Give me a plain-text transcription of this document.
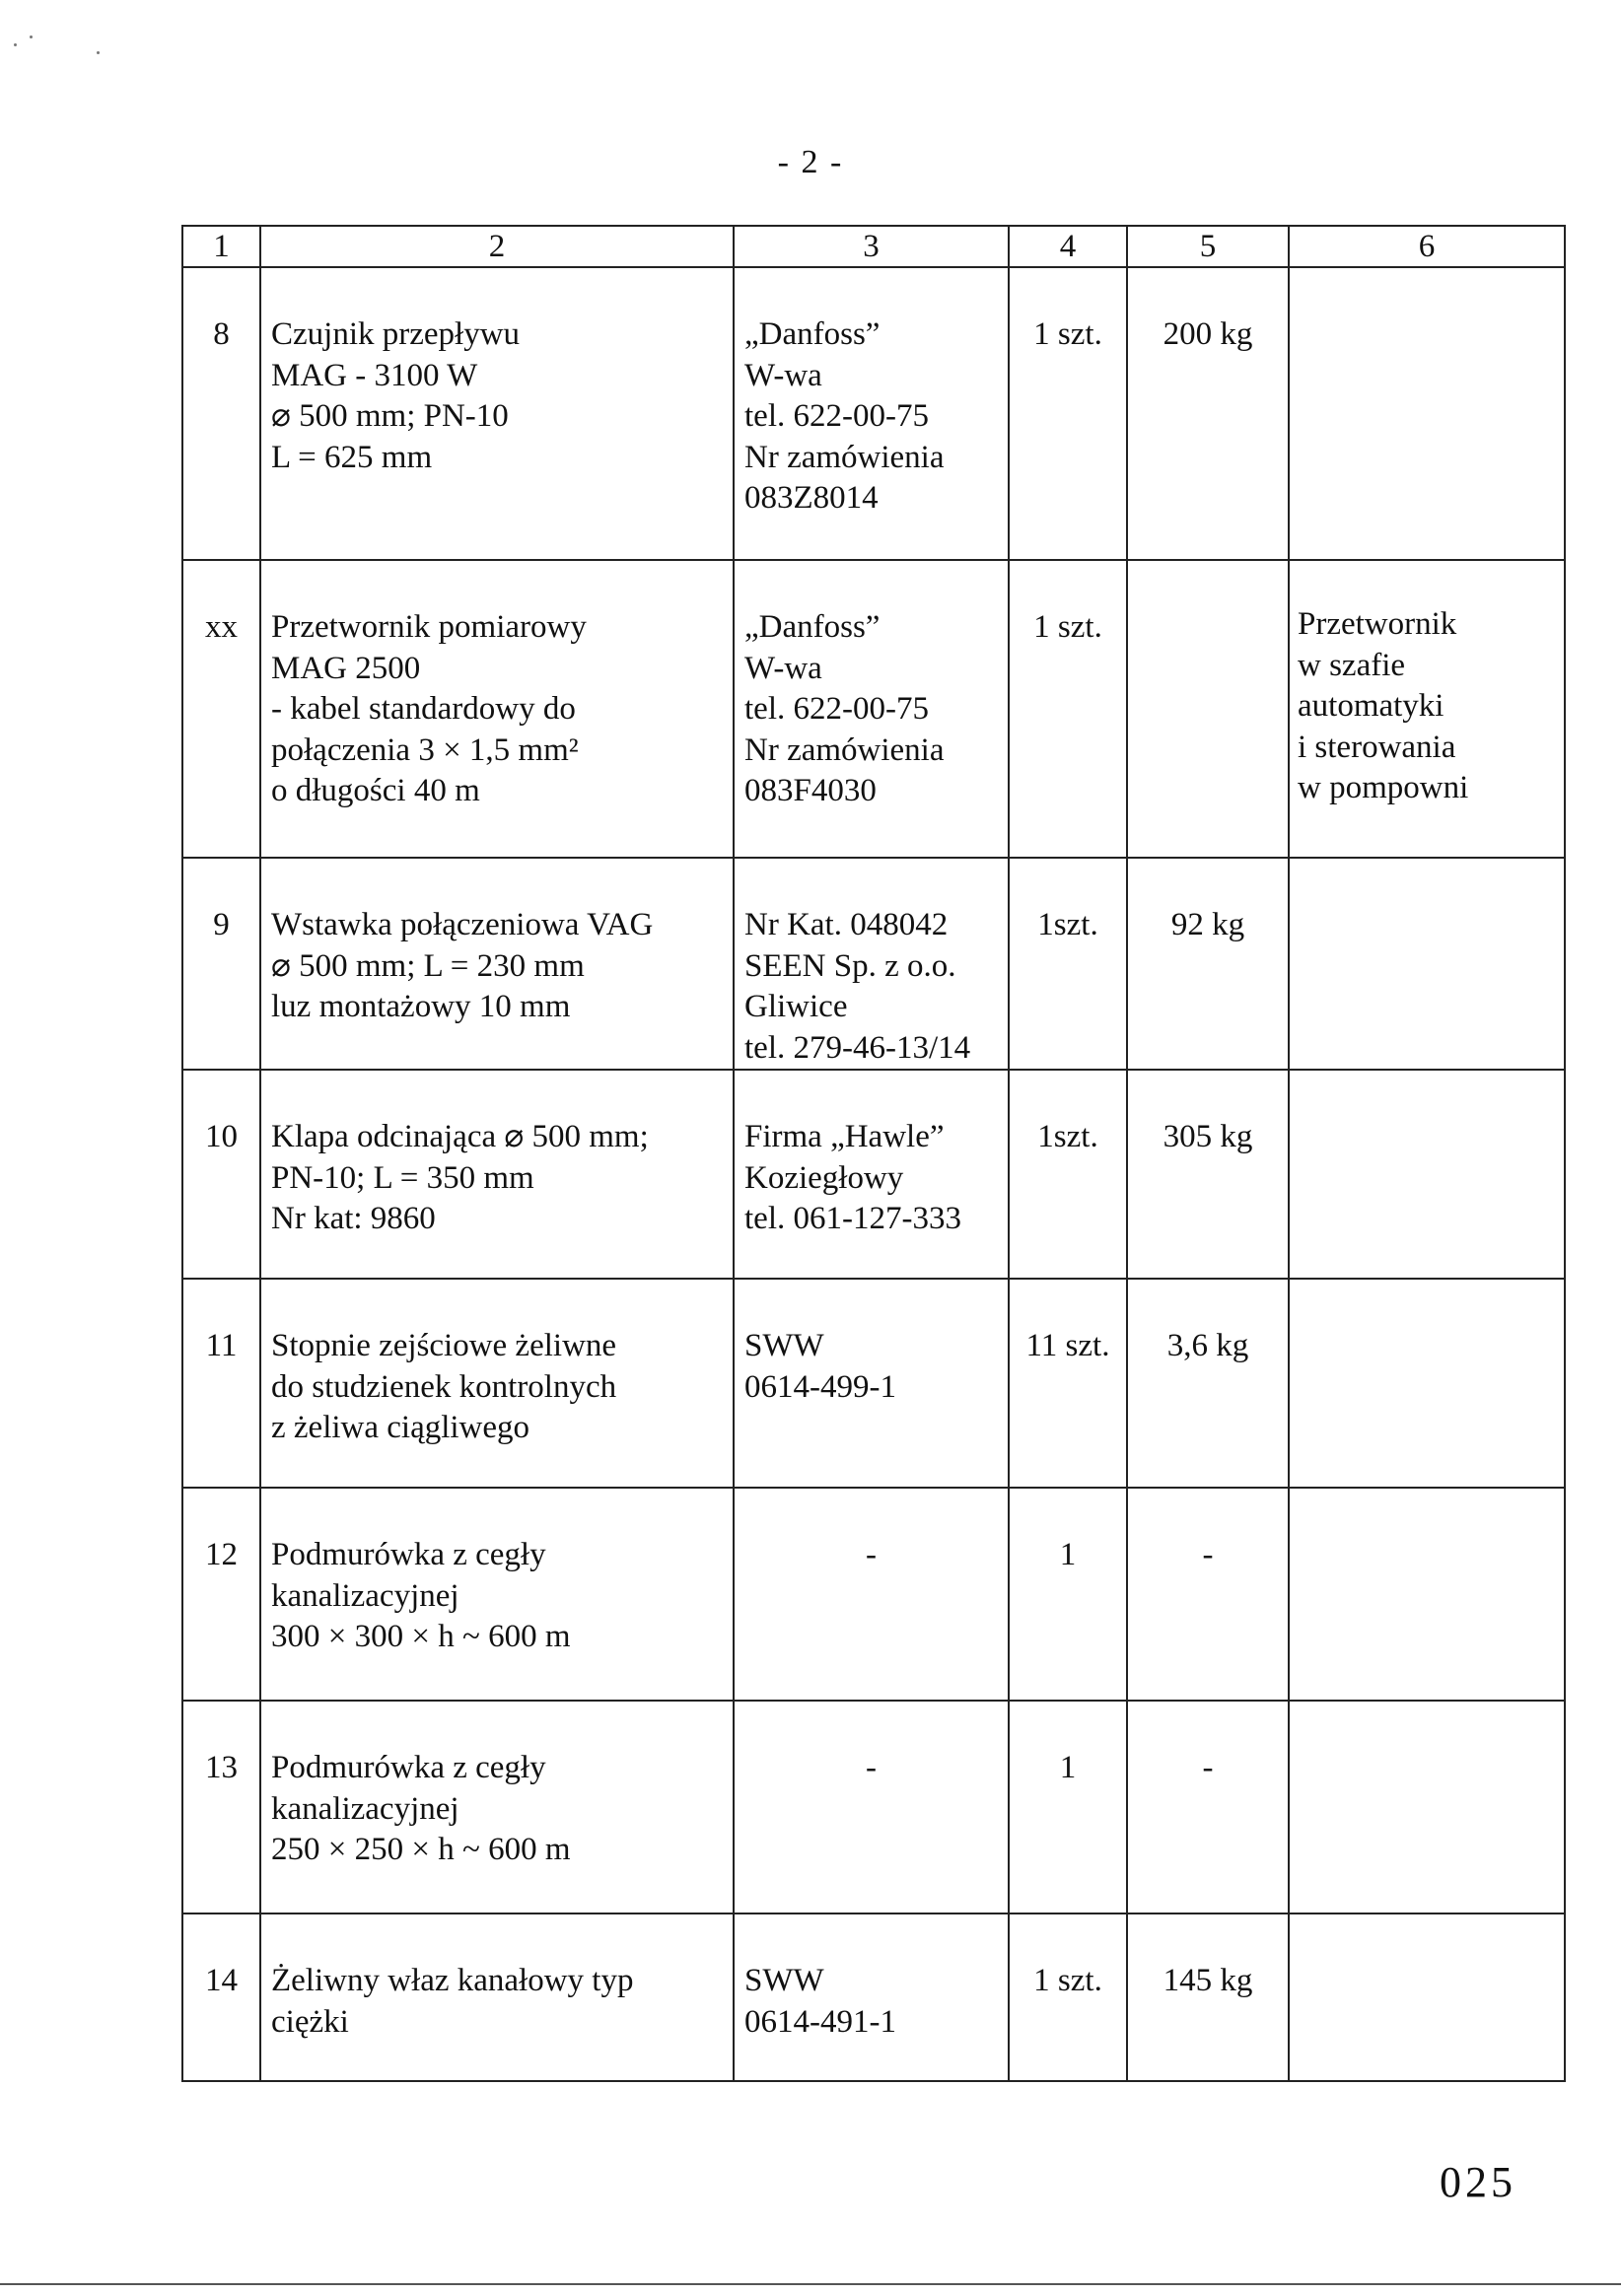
- 2 -
1	2	3	4	5	6
8	Czujnik przepływu
MAG - 3100 W
⌀ 500 mm; PN-10
L = 625 mm	„Danfoss”
W-wa
tel. 622-00-75
Nr zamówienia
083Z8014	1 szt.	200 kg	
xx	Przetwornik pomiarowy
MAG 2500
- kabel standardowy do
połączenia 3 × 1,5 mm²
o długości 40 m	„Danfoss”
W-wa
tel. 622-00-75
Nr zamówienia
083F4030	1 szt.		Przetwornik
w szafie
automatyki
i sterowania
w pompowni
9	Wstawka połączeniowa VAG
⌀ 500 mm; L = 230 mm
luz montażowy 10 mm	Nr Kat. 048042
SEEN Sp. z o.o.
Gliwice
tel. 279-46-13/14	1szt.	92 kg	
10	Klapa odcinająca ⌀ 500 mm;
PN-10; L = 350 mm
Nr kat: 9860	Firma „Hawle”
Koziegłowy
tel. 061-127-333	1szt.	305 kg	
11	Stopnie zejściowe żeliwne
do studzienek kontrolnych
z żeliwa ciągliwego	SWW
0614-499-1	11 szt.	3,6 kg	
12	Podmurówka z cegły
kanalizacyjnej
300 × 300 × h ~ 600 m	-	1	-	
13	Podmurówka z cegły
kanalizacyjnej
250 × 250 × h ~ 600 m	-	1	-	
14	Żeliwny właz kanałowy typ
ciężki	SWW
0614-491-1	1 szt.	145 kg	
025
